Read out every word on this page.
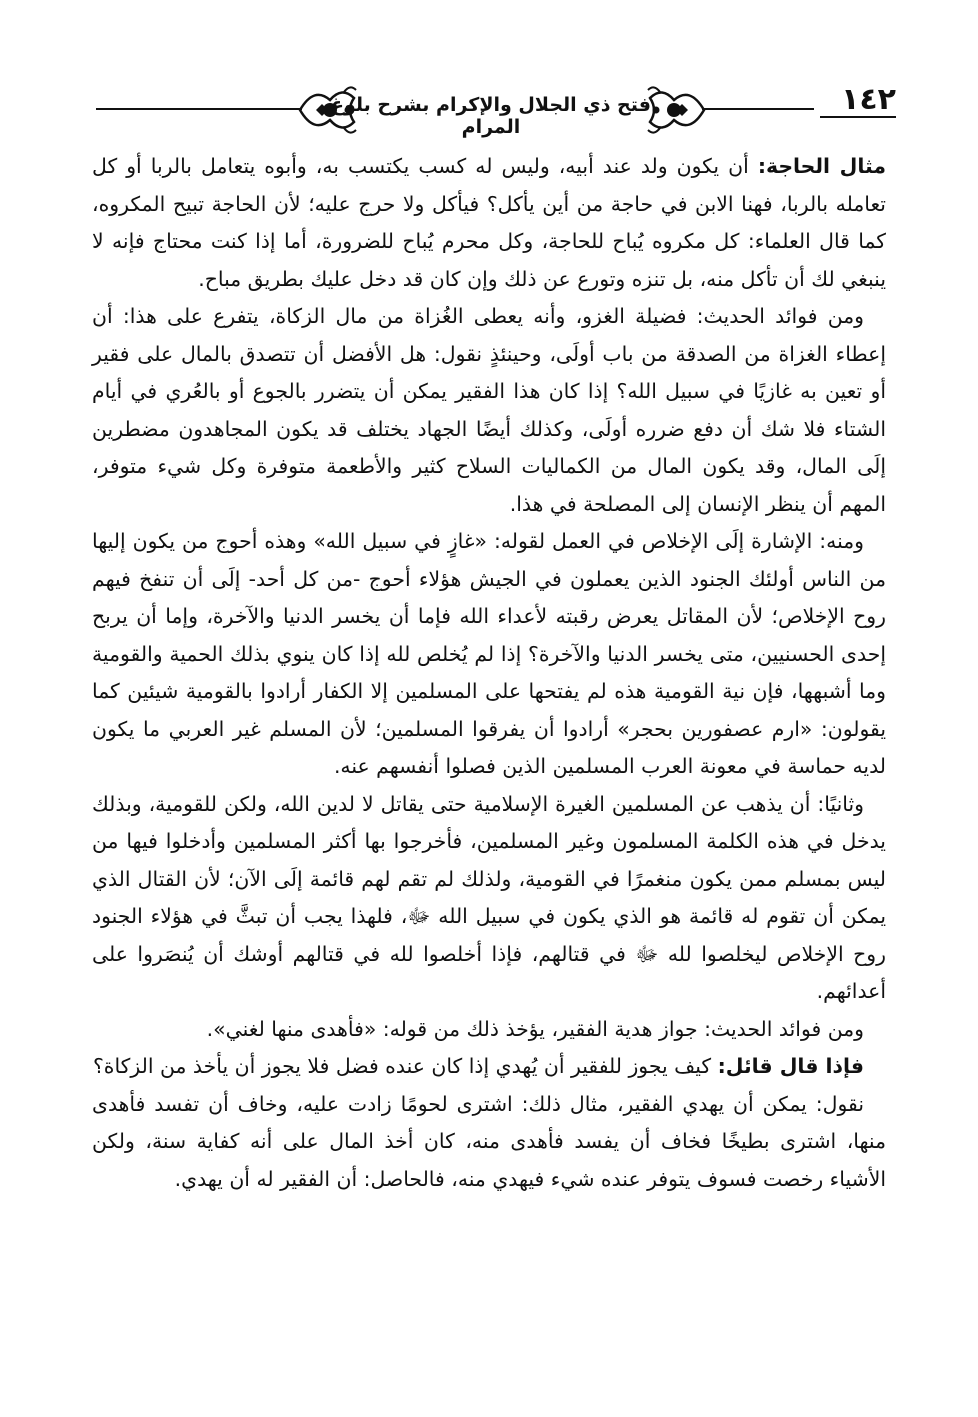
فتح ذي الجلال والإكرام بشرح بلوغ المرام
١٤٢

مثال الحاجة: أن يكون ولد عند أبيه، وليس له كسب يكتسب به، وأبوه يتعامل بالربا أو كل تعامله بالربا، فهنا الابن في حاجة من أين يأكل؟ فيأكل ولا حرج عليه؛ لأن الحاجة تبيح المكروه، كما قال العلماء: كل مكروه يُباح للحاجة، وكل محرم يُباح للضرورة، أما إذا كنت محتاج فإنه لا ينبغي لك أن تأكل منه، بل تنزه وتورع عن ذلك وإن كان قد دخل عليك بطريق مباح.

ومن فوائد الحديث: فضيلة الغزو، وأنه يعطى الغُزاة من مال الزكاة، يتفرع على هذا: أن إعطاء الغزاة من الصدقة من باب أولَى، وحينئذٍ نقول: هل الأفضل أن تتصدق بالمال على فقير أو تعين به غازيًا في سبيل الله؟ إذا كان هذا الفقير يمكن أن يتضرر بالجوع أو بالعُري في أيام الشتاء فلا شك أن دفع ضرره أولَى، وكذلك أيضًا الجهاد يختلف قد يكون المجاهدون مضطرين إلَى المال، وقد يكون المال من الكماليات السلاح كثير والأطعمة متوفرة وكل شيء متوفر، المهم أن ينظر الإنسان إلى المصلحة في هذا.

ومنه: الإشارة إلَى الإخلاص في العمل لقوله: «غازٍ في سبيل الله» وهذه أحوج من يكون إليها من الناس أولئك الجنود الذين يعملون في الجيش هؤلاء أحوج -من كل أحد- إلَى أن تنفخ فيهم روح الإخلاص؛ لأن المقاتل يعرض رقبته لأعداء الله فإما أن يخسر الدنيا والآخرة، وإما أن يربح إحدى الحسنيين، متى يخسر الدنيا والآخرة؟ إذا لم يُخلص لله إذا كان ينوي بذلك الحمية والقومية وما أشبهها، فإن نية القومية هذه لم يفتحها على المسلمين إلا الكفار أرادوا بالقومية شيئين كما يقولون: «ارم عصفورين بحجر» أرادوا أن يفرقوا المسلمين؛ لأن المسلم غير العربي ما يكون لديه حماسة في معونة العرب المسلمين الذين فصلوا أنفسهم عنه.

وثانيًا: أن يذهب عن المسلمين الغيرة الإسلامية حتى يقاتل لا لدين الله، ولكن للقومية، وبذلك يدخل في هذه الكلمة المسلمون وغير المسلمين، فأخرجوا بها أكثر المسلمين وأدخلوا فيها من ليس بمسلم ممن يكون منغمرًا في القومية، ولذلك لم تقم لهم قائمة إلَى الآن؛ لأن القتال الذي يمكن أن تقوم له قائمة هو الذي يكون في سبيل الله ﷻ، فلهذا يجب أن تبثَّ في هؤلاء الجنود روح الإخلاص ليخلصوا لله ﷻ في قتالهم، فإذا أخلصوا لله في قتالهم أوشك أن يُنصَروا على أعدائهم.

ومن فوائد الحديث: جواز هدية الفقير، يؤخذ ذلك من قوله: «فأهدى منها لغني».

فإذا قال قائل: كيف يجوز للفقير أن يُهدي إذا كان عنده فضل فلا يجوز أن يأخذ من الزكاة؟

نقول: يمكن أن يهدي الفقير، مثال ذلك: اشترى لحومًا زادت عليه، وخاف أن تفسد فأهدى منها، اشترى بطيخًا فخاف أن يفسد فأهدى منه، كان أخذ المال على أنه كفاية سنة، ولكن الأشياء رخصت فسوف يتوفر عنده شيء فيهدي منه، فالحاصل: أن الفقير له أن يهدي.
